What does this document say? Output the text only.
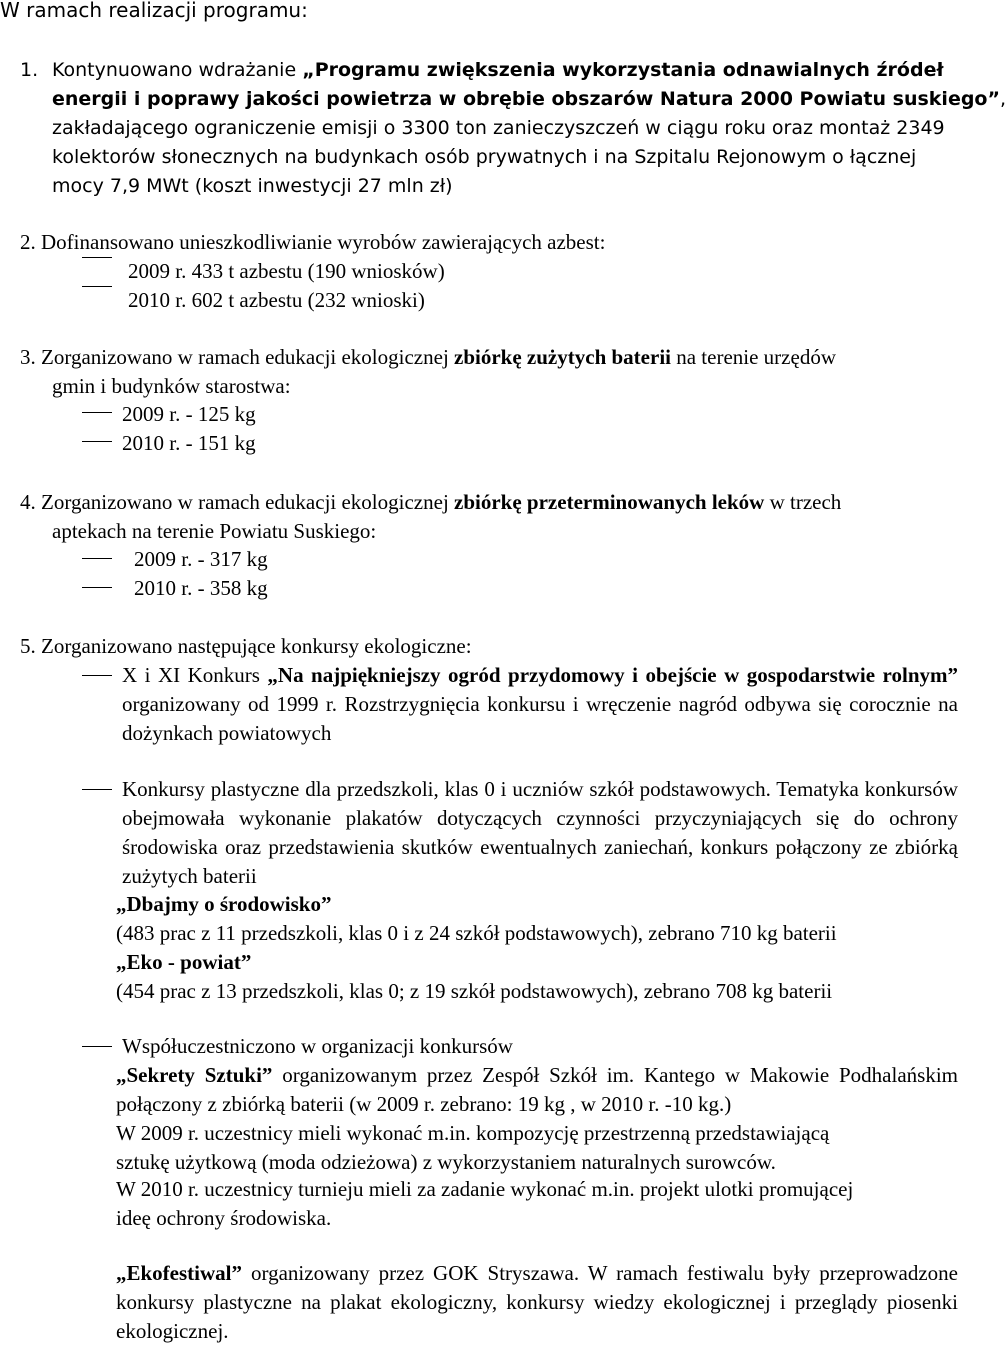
W ramach realizacji programu:
1. Kontynuowano wdrażanie „Programu zwiększenia wykorzystania odnawialnych źródeł
energii i poprawy jakości powietrza w obrębie obszarów Natura 2000 Powiatu suskiego”,
zakładającego ograniczenie emisji o 3300 ton zanieczyszczeń w ciągu roku oraz montaż 2349
kolektorów słonecznych na budynkach osób prywatnych i na Szpitalu Rejonowym o łącznej
mocy 7,9 MWt (koszt inwestycji 27 mln zł)
2. Dofinansowano unieszkodliwianie wyrobów zawierających azbest:
2009 r. 433 t azbestu (190 wniosków)
2010 r. 602 t azbestu (232 wnioski)
3. Zorganizowano w ramach edukacji ekologicznej zbiórkę zużytych baterii na terenie urzędów
gmin i budynków starostwa:
2009 r. - 125 kg
2010 r. - 151 kg
4. Zorganizowano w ramach edukacji ekologicznej zbiórkę przeterminowanych leków w trzech
aptekach na terenie Powiatu Suskiego:
2009 r. - 317 kg
2010 r. - 358 kg
5. Zorganizowano następujące konkursy ekologiczne:
X i XI Konkurs „Na najpiękniejszy ogród przydomowy i obejście w gospodarstwie rolnym” organizowany od 1999 r. Rozstrzygnięcia konkursu i wręczenie nagród odbywa się corocznie na dożynkach powiatowych
Konkursy plastyczne dla przedszkoli, klas 0 i uczniów szkół podstawowych. Tematyka konkursów obejmowała wykonanie plakatów dotyczących czynności przyczyniających się do ochrony środowiska oraz przedstawienia skutków ewentualnych zaniechań, konkurs połączony ze zbiórką zużytych baterii
„Dbajmy o środowisko”
(483 prac z 11 przedszkoli, klas 0 i z 24 szkół podstawowych), zebrano 710 kg baterii
„Eko - powiat”
(454 prac z 13 przedszkoli, klas 0; z 19 szkół podstawowych), zebrano 708 kg baterii
Współuczestniczono w organizacji konkursów
„Sekrety Sztuki” organizowanym przez Zespół Szkół im. Kantego w Makowie Podhalańskim połączony z zbiórką baterii (w 2009 r. zebrano: 19 kg , w 2010 r. -10 kg.)
W 2009 r. uczestnicy mieli wykonać m.in. kompozycję przestrzenną przedstawiającą
sztukę użytkową (moda odzieżowa) z wykorzystaniem naturalnych surowców.
W 2010 r. uczestnicy turnieju mieli za zadanie wykonać m.in. projekt ulotki promującej
ideę ochrony środowiska.
„Ekofestiwal” organizowany przez GOK Stryszawa. W ramach festiwalu były przeprowadzone konkursy plastyczne na plakat ekologiczny, konkursy wiedzy ekologicznej i przeglądy piosenki ekologicznej.
